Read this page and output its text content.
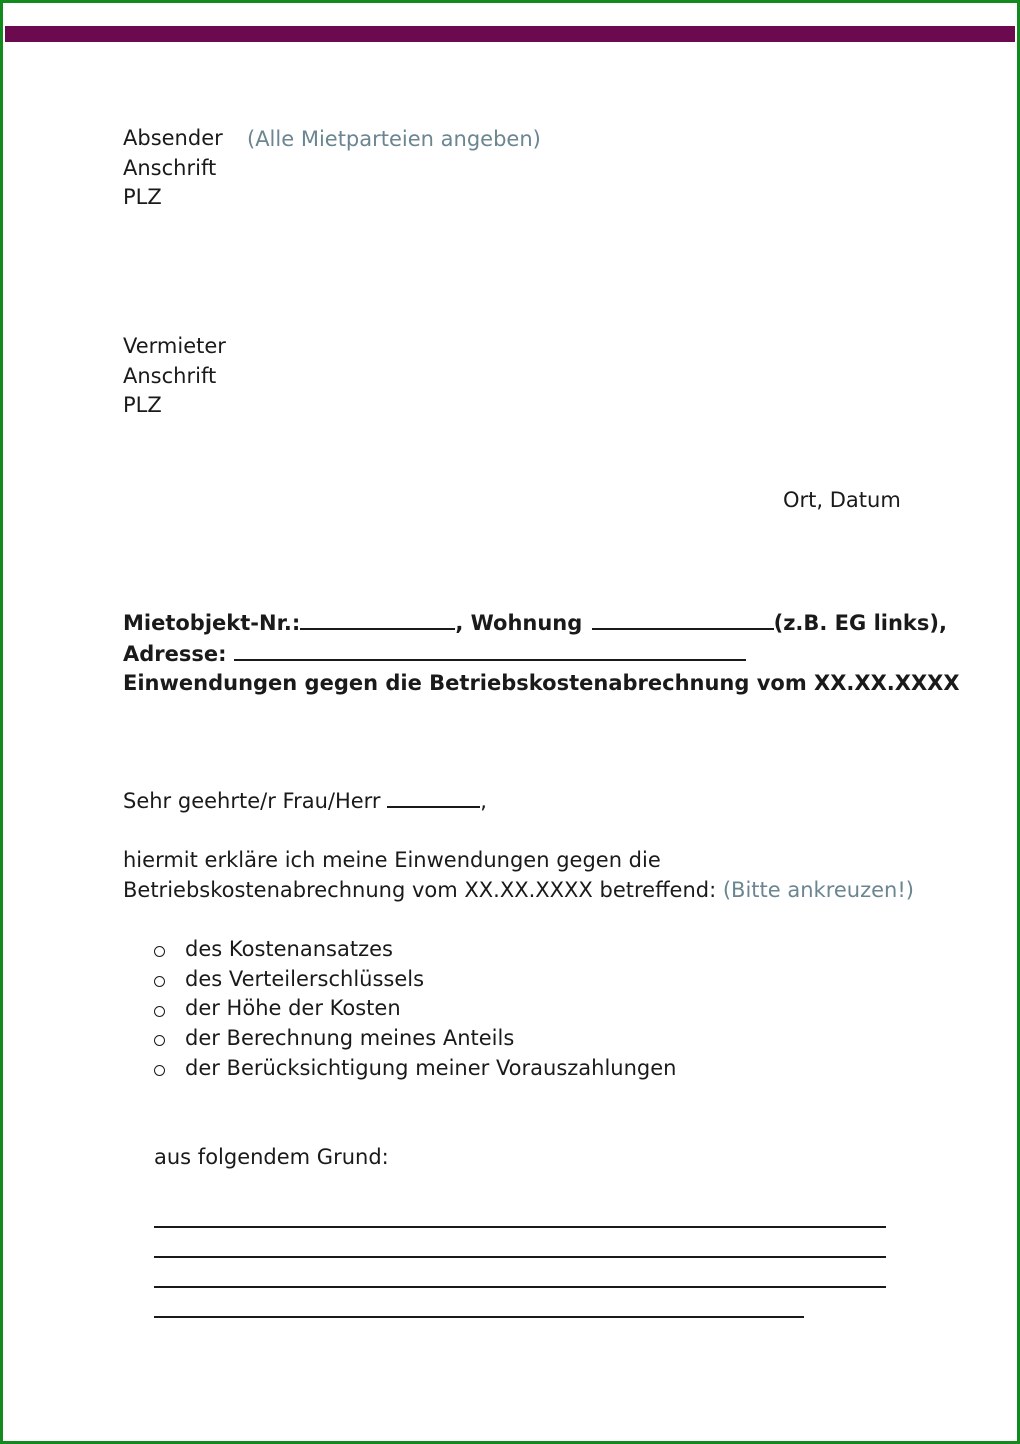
Absender
Anschrift
PLZ
(Alle Mietparteien angeben)
Vermieter
Anschrift
PLZ
Ort, Datum
Mietobjekt-Nr.:	, Wohnung	(z.B. EG links),
Adresse:
Einwendungen gegen die Betriebskostenabrechnung vom XX.XX.XXXX
Sehr geehrte/r Frau/Herr	,
hiermit erkläre ich meine Einwendungen gegen die
Betriebskostenabrechnung vom XX.XX.XXXX betreffend: (Bitte ankreuzen!)
des Kostenansatzes
des Verteilerschlüssels
der Höhe der Kosten
der Berechnung meines Anteils
der Berücksichtigung meiner Vorauszahlungen
aus folgendem Grund:
